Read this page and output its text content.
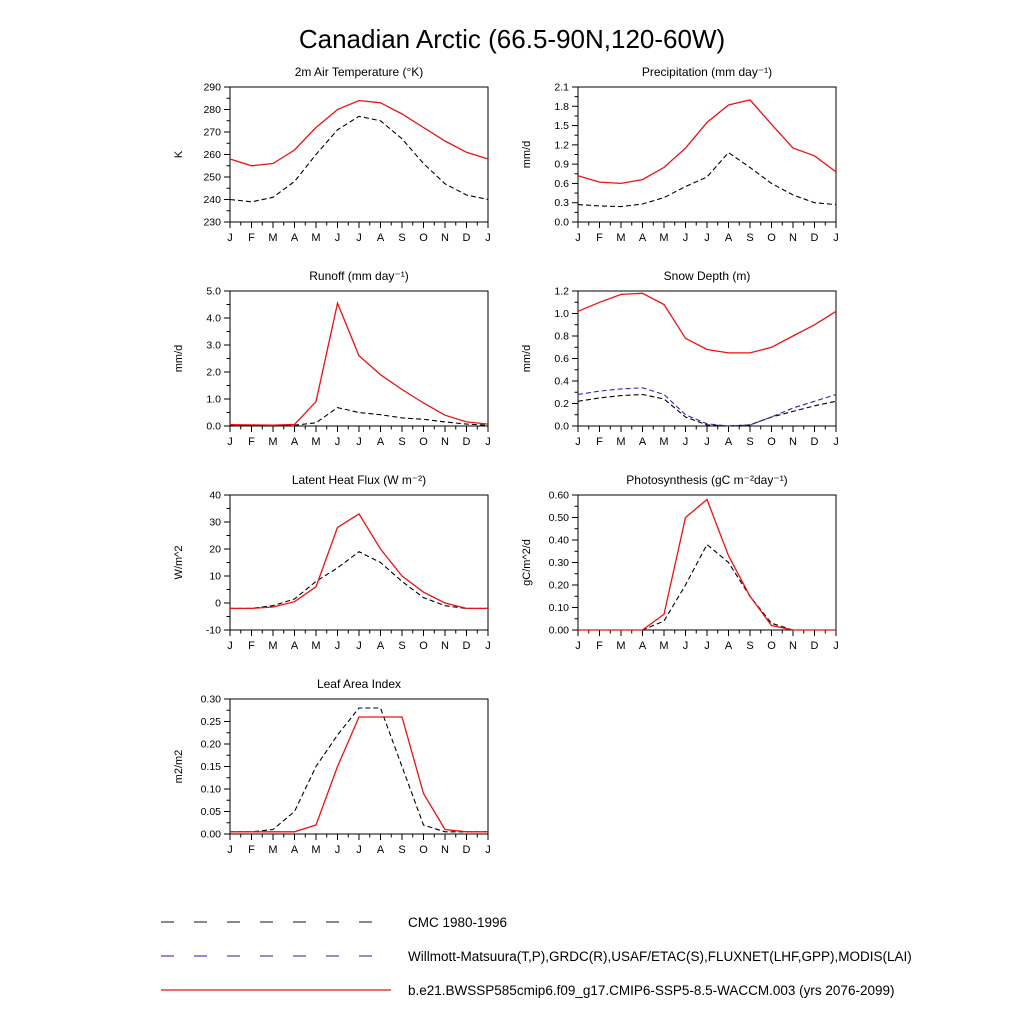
Canadian Arctic (66.5-90N,120-60W)
2m Air Temperature (°K)
230
240
250
260
270
280
290
J F M A M J J A S O N D J
K
Precipitation (mm day⁻¹)
0.0
0.3
0.6
0.9
1.2
1.5
1.8
2.1
J F M A M J J A S O N D J
mm/d
Runoff (mm day⁻¹)
0.0
1.0
2.0
3.0
4.0
5.0
J F M A M J J A S O N D J
mm/d
Snow Depth (m)
0.0
0.2
0.4
0.6
0.8
1.0
1.2
J F M A M J J A S O N D J
mm/d
Latent Heat Flux (W m⁻²)
-10
0
10
20
30
40
J F M A M J J A S O N D J
W/m^2
Photosynthesis (gC m⁻²day⁻¹)
0.00
0.10
0.20
0.30
0.40
0.50
0.60
J F M A M J J A S O N D J
gC/m^2/d
Leaf Area Index
0.00
0.05
0.10
0.15
0.20
0.25
0.30
J F M A M J J A S O N D J
m2/m2
CMC 1980-1996
Willmott-Matsuura(T,P),GRDC(R),USAF/ETAC(S),FLUXNET(LHF,GPP),MODIS(LAI)
b.e21.BWSSP585cmip6.f09_g17.CMIP6-SSP5-8.5-WACCM.003 (yrs 2076-2099)
